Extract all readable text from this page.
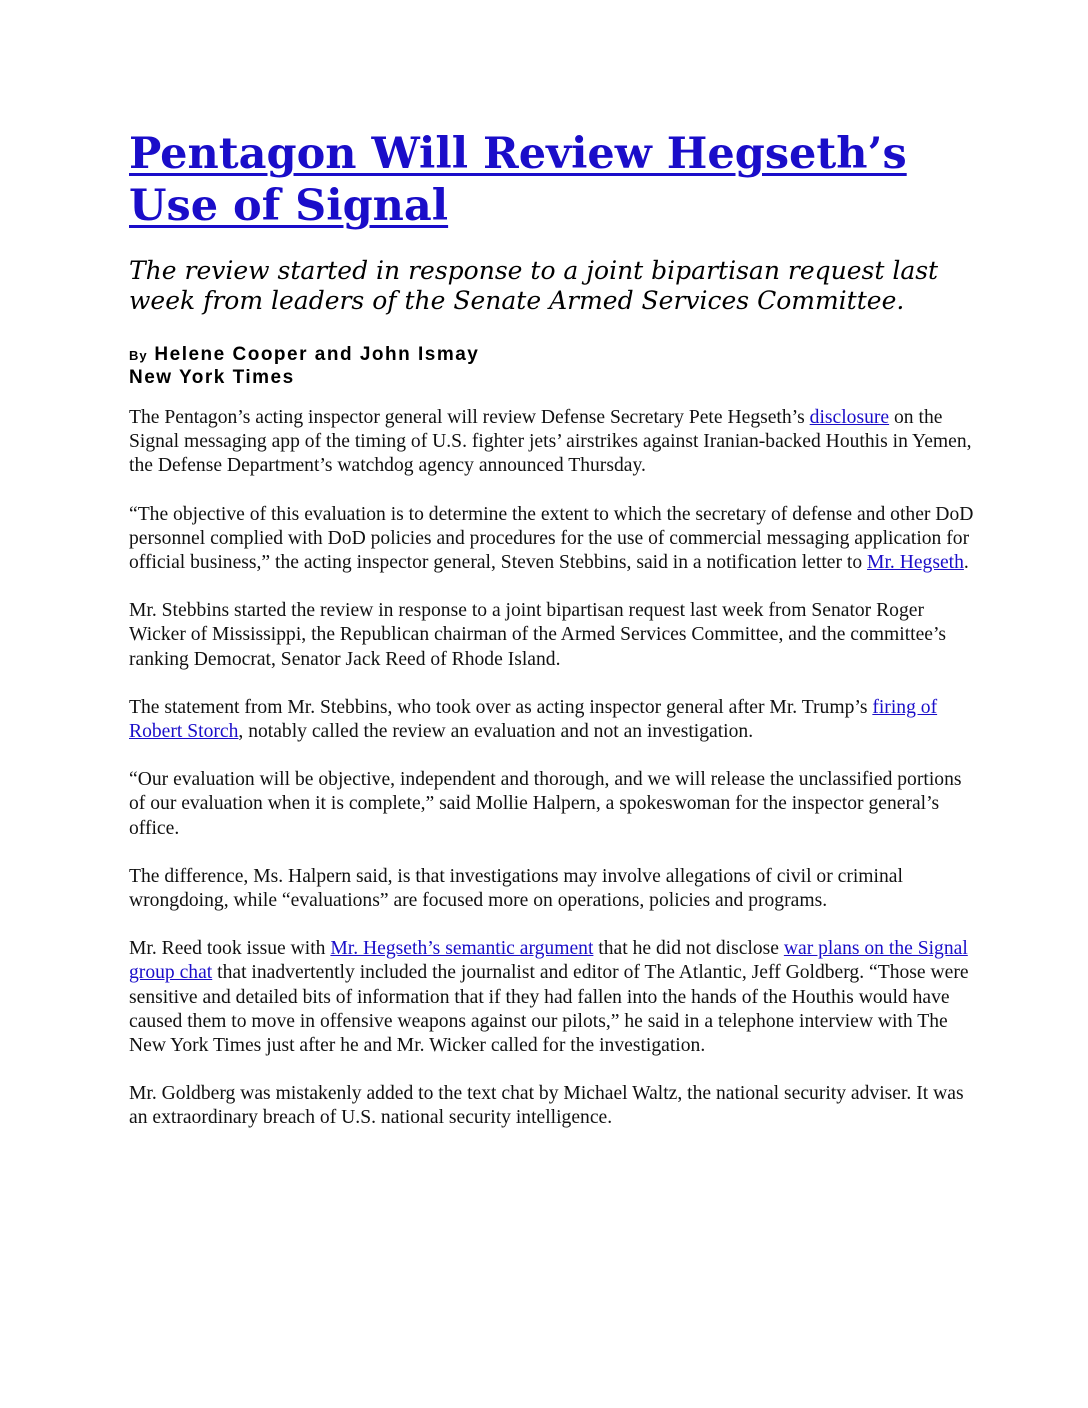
Pentagon Will Review Hegseth’s Use of Signal

The review started in response to a joint bipartisan request last week from leaders of the Senate Armed Services Committee.

By Helene Cooper and John Ismay
New York Times

The Pentagon’s acting inspector general will review Defense Secretary Pete Hegseth’s disclosure on the Signal messaging app of the timing of U.S. fighter jets’ airstrikes against Iranian-backed Houthis in Yemen, the Defense Department’s watchdog agency announced Thursday.

“The objective of this evaluation is to determine the extent to which the secretary of defense and other DoD personnel complied with DoD policies and procedures for the use of commercial messaging application for official business,” the acting inspector general, Steven Stebbins, said in a notification letter to Mr. Hegseth.

Mr. Stebbins started the review in response to a joint bipartisan request last week from Senator Roger Wicker of Mississippi, the Republican chairman of the Armed Services Committee, and the committee’s ranking Democrat, Senator Jack Reed of Rhode Island.

The statement from Mr. Stebbins, who took over as acting inspector general after Mr. Trump’s firing of Robert Storch, notably called the review an evaluation and not an investigation.

“Our evaluation will be objective, independent and thorough, and we will release the unclassified portions of our evaluation when it is complete,” said Mollie Halpern, a spokeswoman for the inspector general’s office.

The difference, Ms. Halpern said, is that investigations may involve allegations of civil or criminal wrongdoing, while “evaluations” are focused more on operations, policies and programs.

Mr. Reed took issue with Mr. Hegseth’s semantic argument that he did not disclose war plans on the Signal group chat that inadvertently included the journalist and editor of The Atlantic, Jeff Goldberg. “Those were sensitive and detailed bits of information that if they had fallen into the hands of the Houthis would have caused them to move in offensive weapons against our pilots,” he said in a telephone interview with The New York Times just after he and Mr. Wicker called for the investigation.

Mr. Goldberg was mistakenly added to the text chat by Michael Waltz, the national security adviser. It was an extraordinary breach of U.S. national security intelligence.
